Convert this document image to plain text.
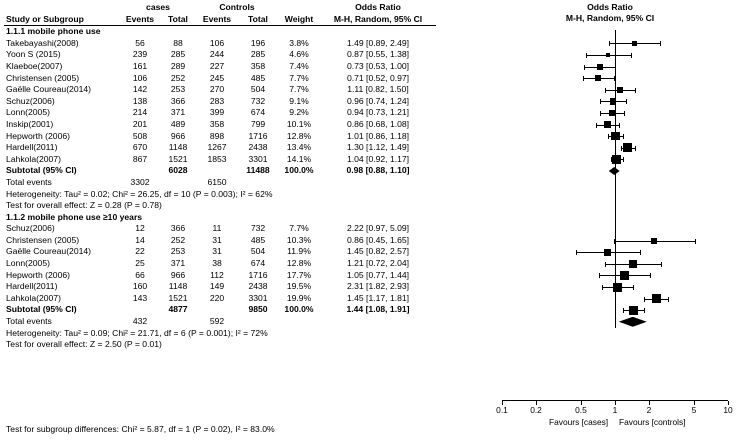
	cases		Controls			Odds Ratio
Study or Subgroup	Events	Total	Events	Total	Weight	M-H, Random, 95% CI
1.1.1 mobile phone use						
Takebayashi(2008)	56	88	106	196	3.8%	1.49 [0.89, 2.49]
Yoon S (2015)	239	285	244	285	4.6%	0.87 [0.55, 1.38]
Klaeboe(2007)	161	289	227	358	7.4%	0.73 [0.53, 1.00]
Christensen (2005)	106	252	245	485	7.7%	0.71 [0.52, 0.97]
Gaëlle Coureau(2014)	142	253	270	504	7.7%	1.11 [0.82, 1.50]
Schuz(2006)	138	366	283	732	9.1%	0.96 [0.74, 1.24]
Lonn(2005)	214	371	399	674	9.2%	0.94 [0.73, 1.21]
Inskip(2001)	201	489	358	799	10.1%	0.86 [0.68, 1.08]
Hepworth (2006)	508	966	898	1716	12.8%	1.01 [0.86, 1.18]
Hardell(2011)	670	1148	1267	2438	13.4%	1.30 [1.12, 1.49]
Lahkola(2007)	867	1521	1853	3301	14.1%	1.04 [0.92, 1.17]
Subtotal (95% CI)		6028		11488	100.0%	0.98 [0.88, 1.10]
Total events	3302		6150			
Heterogeneity: Tau² = 0.02; Chi² = 26.25, df = 10 (P = 0.003); I² = 62%						
Test for overall effect: Z = 0.28 (P = 0.78)						

1.1.2 mobile phone use ≥10 years						
Schuz(2006)	12	366	11	732	7.7%	2.22 [0.97, 5.09]
Christensen (2005)	14	252	31	485	10.3%	0.86 [0.45, 1.65]
Gaëlle Coureau(2014)	22	253	31	504	11.9%	1.45 [0.82, 2.57]
Lonn(2005)	25	371	38	674	12.8%	1.21 [0.72, 2.04]
Hepworth (2006)	66	966	112	1716	17.7%	1.05 [0.77, 1.44]
Hardell(2011)	160	1148	149	2438	19.5%	2.31 [1.82, 2.93]
Lahkola(2007)	143	1521	220	3301	19.9%	1.45 [1.17, 1.81]
Subtotal (95% CI)		4877		9850	100.0%	1.44 [1.08, 1.91]
Total events	432		592			
Heterogeneity: Tau² = 0.09; Chi² = 21.71, df = 6 (P = 0.001); I² = 72%						
Test for overall effect: Z = 2.50 (P = 0.01)						
Odds Ratio
M-H, Random, 95% CI
0.1	0.2	0.5	1	2	5	10
Favours [cases] Favours [controls]
Test for subgroup differences: Chi² = 5.87, df = 1 (P = 0.02), I² = 83.0%
